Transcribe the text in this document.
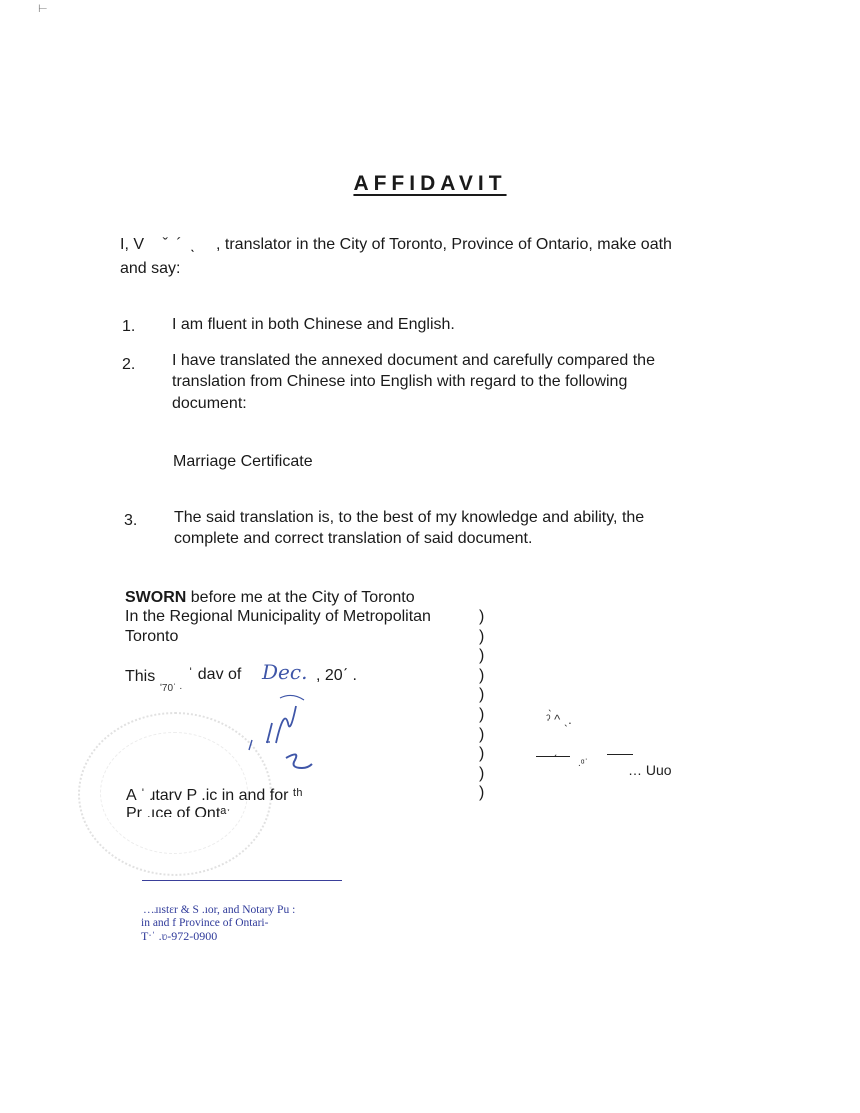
⊢
AFFIDAVIT
I, V ˇ ´ ˎ , translator in the City of Toronto, Province of Ontario, make oath
and say:
1. I am fluent in both Chinese and English.
2. I have translated the annexed document and carefully compared the
translation from Chinese into English with regard to the following
document:
Marriage Certificate
3. The said translation is, to the best of my knowledge and ability, the
complete and correct translation of said document.
SWORN before me at the City of Toronto
In the Regional Municipality of Metropolitan
Toronto
This ˈ dav of
ʹ70ˈ ·
Dec. , 20ˊ .
A ˈ ɹtarv P .ic in and for ᵗʰ
Pr .ıce of Ontᵃˑ
)
)
)
)
)
)
)
)
)
)
ˎ
ˀ ^ ˎ.
ˏ
.ᵅˈ	… Uuo
…ɹıstɛr & S .ıor, and Notary Pu :
in and f Province of Ontari-
Tˑˈ .ʋ-972-0900
